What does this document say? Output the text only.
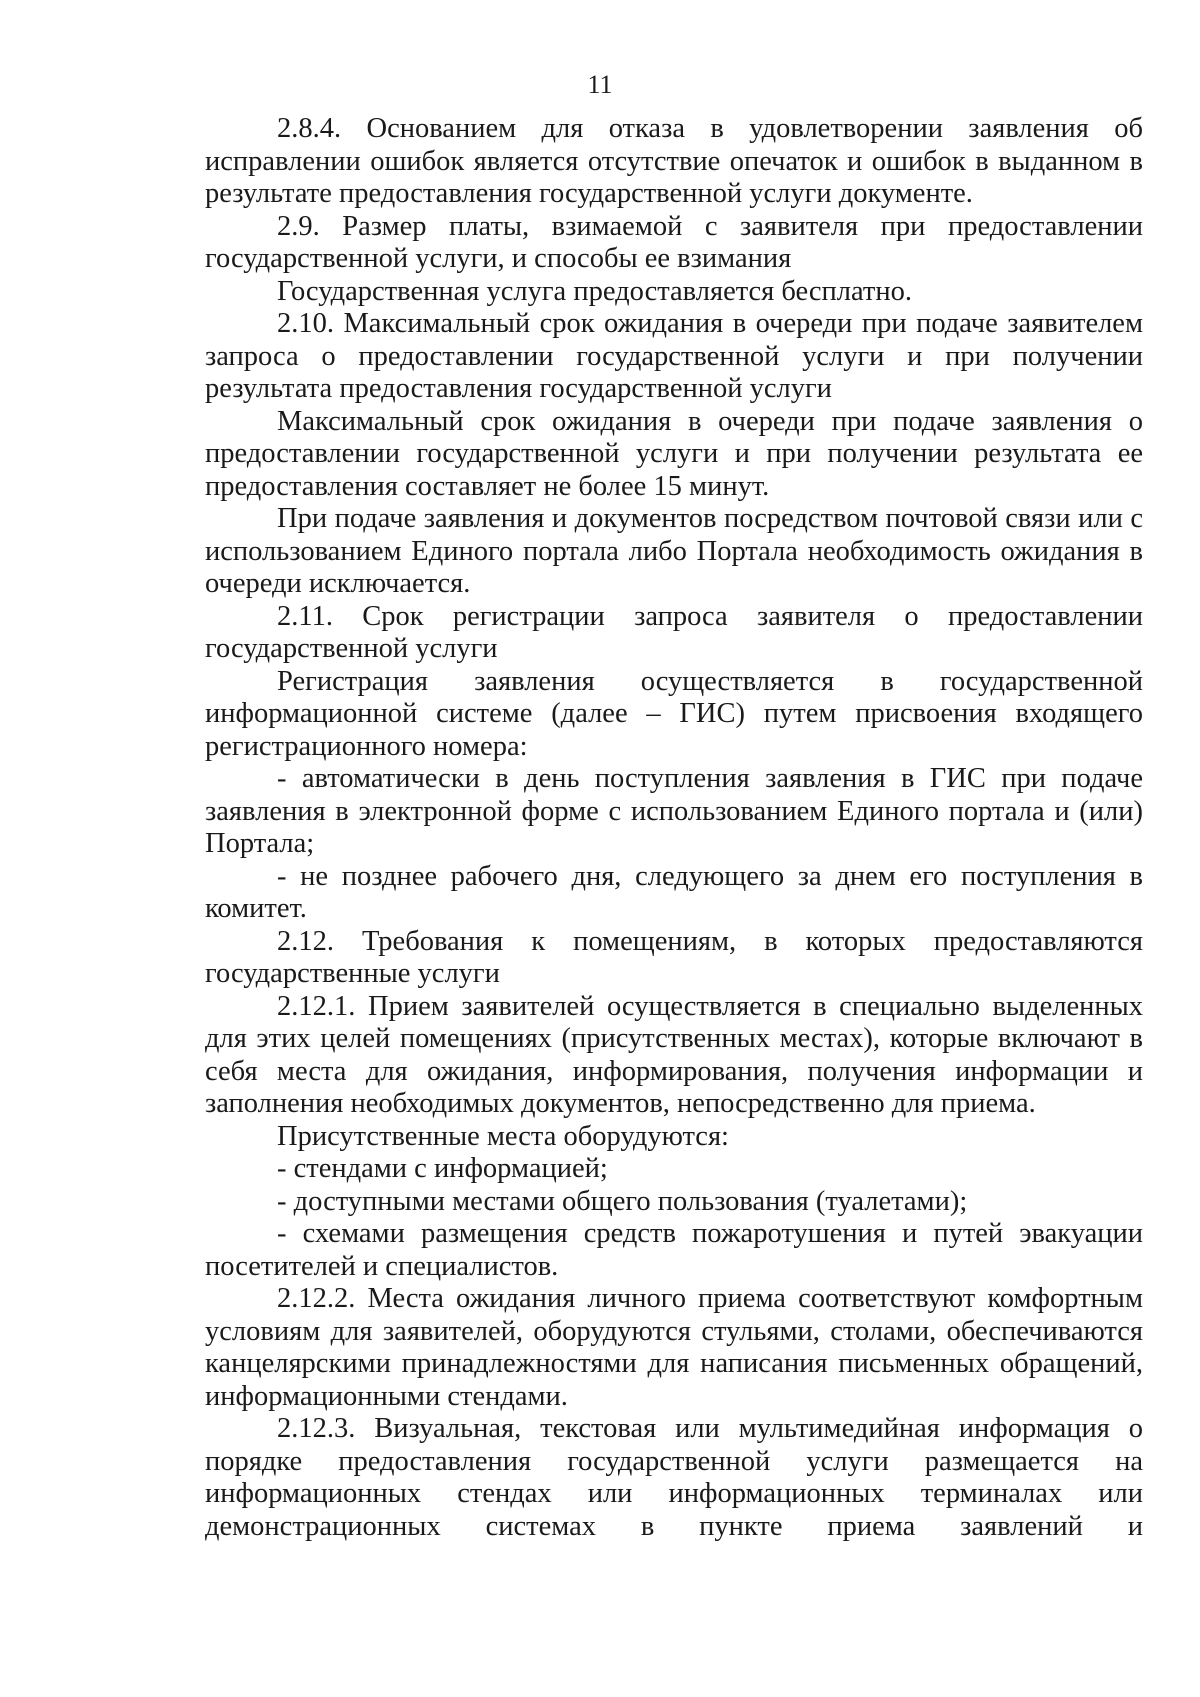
11

2.8.4. Основанием для отказа в удовлетворении заявления об исправлении ошибок является отсутствие опечаток и ошибок в выданном в результате предоставления государственной услуги документе.

2.9. Размер платы, взимаемой с заявителя при предоставлении государственной услуги, и способы ее взимания

Государственная услуга предоставляется бесплатно.

2.10. Максимальный срок ожидания в очереди при подаче заявителем запроса о предоставлении государственной услуги и при получении результата предоставления государственной услуги

Максимальный срок ожидания в очереди при подаче заявления о предоставлении государственной услуги и при получении результата ее предоставления составляет не более 15 минут.

При подаче заявления и документов посредством почтовой связи или с использованием Единого портала либо Портала необходимость ожидания в очереди исключается.

2.11. Срок регистрации запроса заявителя о предоставлении государственной услуги

Регистрация заявления осуществляется в государственной информационной системе (далее – ГИС) путем присвоения входящего регистрационного номера:

- автоматически в день поступления заявления в ГИС при подаче заявления в электронной форме с использованием Единого портала и (или) Портала;

- не позднее рабочего дня, следующего за днем его поступления в комитет.

2.12. Требования к помещениям, в которых предоставляются государственные услуги

2.12.1. Прием заявителей осуществляется в специально выделенных для этих целей помещениях (присутственных местах), которые включают в себя места для ожидания, информирования, получения информации и заполнения необходимых документов, непосредственно для приема.

Присутственные места оборудуются:

- стендами с информацией;

- доступными местами общего пользования (туалетами);

- схемами размещения средств пожаротушения и путей эвакуации посетителей и специалистов.

2.12.2. Места ожидания личного приема соответствуют комфортным условиям для заявителей, оборудуются стульями, столами, обеспечиваются канцелярскими принадлежностями для написания письменных обращений, информационными стендами.

2.12.3. Визуальная, текстовая или мультимедийная информация о порядке предоставления государственной услуги размещается на информационных стендах или информационных терминалах или демонстрационных системах в пункте приема заявлений и
